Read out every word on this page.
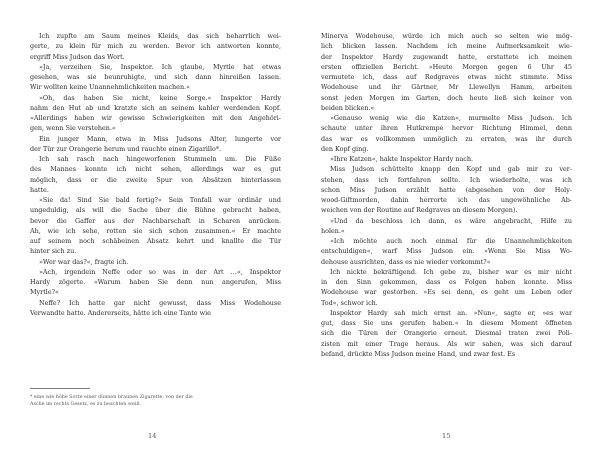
Ich zupfte am Saum meines Kleids, das sich beharrlich wei-
gerte, zu klein für mich zu werden. Bevor ich antworten konnte,
ergriff Miss Judson das Wort.
»Ja, verzeihen Sie, Inspektor. Ich glaube, Myrtle hat etwas
gesehen, was sie beunruhigte, und sich dann hinreißen lassen.
Wir wollten keine Unannehmlichkeiten machen.«
»Oh, das haben Sie nicht, keine Sorge.« Inspektor Hardy
nahm den Hut ab und kratzte sich an seinem kahler werdenden Kopf.
»Allerdings haben wir gewisse Schwierigkeiten mit den Angehöri-
gen, wenn Sie verstehen.«
Ein junger Mann, etwa in Miss Judsons Alter, lungerte vor
der Tür zur Orangerie herum und rauchte einen Zigarillo*.
Ich sah rasch nach hingeworfenen Stummeln um. Die Füße
des Mannes konnte ich nicht sehen, allerdings war es gut
möglich, dass er die zweite Spur von Absätzen hinterlassen
hatte.
»Sie da! Sind Sie bald fertig?« Sein Tonfall war ordinär und
ungeduldig, als will die Sache über die Bühne gebracht haben,
bevor die Gaffer aus der Nachbarschaft in Scharen anrücken.
Ah, wie ich sehe, rotten sie sich schon zusammen.« Er machte
auf seinem noch schäbeinen Absatz kehrt und knallte die Tür
hinter sich zu.
»Wer war das?«, fragte ich.
»Ach, irgendein Neffe oder so was in der Art …«, Inspektor
Hardy zögerte. »Warum haben Sie denn nun angerufen, Miss
Myrtle?«
Neffe? Ich hatte gar nicht gewusst, dass Miss Wodehouse
Verwandte hatte. Andererseits, hätte ich eine Tante wie
* eine wie höhe Sorte einer dünnen braunen Zigarette, von der die
Asche im rechts Gesetz, es zu beachten weiß.
14
Minerva Wodehouse, würde ich mich auch so selten wie mög-
lich blicken lassen. Nachdem ich meine Aufmerksamkeit wie-
der Inspektor Hardy zugewandt hatte, erstattete ich meinen
ersten offiziellen Bericht. »Heute Morgen gegen 6 Uhr 45
vermutete ich, dass auf Redgraves etwas nicht stimmte. Miss
Wodehouse und ihr Gärtner, Mr Llewellyn Hamm, arbeiten
sonst jeden Morgen im Garten, doch heute ließ sich keiner von
beiden blicken.«
»Genauso wenig wie die Katzen«, murmelte Miss Judson. Ich
schaute unter ihren Hutkrempe hervor Richtung Himmel, denn
das war es vollkommen unmöglich zu erraten, was ihr durch
den Kopf ging.
»Ihre Katzen«, hakte Inspektor Hardy nach.
Miss Judson schüttelte knapp den Kopf und gab mir zu ver-
stehen, dass ich fortfahren sollte. Ich wiederholte, was ich
schon Miss Judson erzählt hatte (abgesehen von der Holy-
wood-Giftmorden, dahin herrorte ich das ungewöhnliche Ab-
weichen von der Routine auf Redgraves an diesem Morgen).
»Und da beschloss ich dann, es wäre angebracht, Hilfe zu
holen.«
»Ich möchte auch noch einmal für die Unannehmlichkeiten
entschuldigen«, warf Miss Judson ein. »Wenn Sie Miss Wo-
dehouse ausrichten, dass es nie wieder vorkommt?«
Ich nickte bekräftigend. Ich gebe zu, bisher war es mir nicht
in den Sinn gekommen, dass es Folgen haben konnte. Miss
Wodehouse war gestorben. »Es sei denn, es geht um Leben oder
Tod«, schwor ich.
Inspektor Hardy sah mich ernst an. »Nun«, sagte er, »es war
gut, dass Sie uns gerufen haben.« In diesem Moment öffneten
sich die Türen der Orangerie erneut. Diesmal traten zwei Poli-
zisten mit einer Trage heraus. Als wir sahen, was sich darauf
befand, drückte Miss Judson meine Hand, und zwar fest. Es
15
